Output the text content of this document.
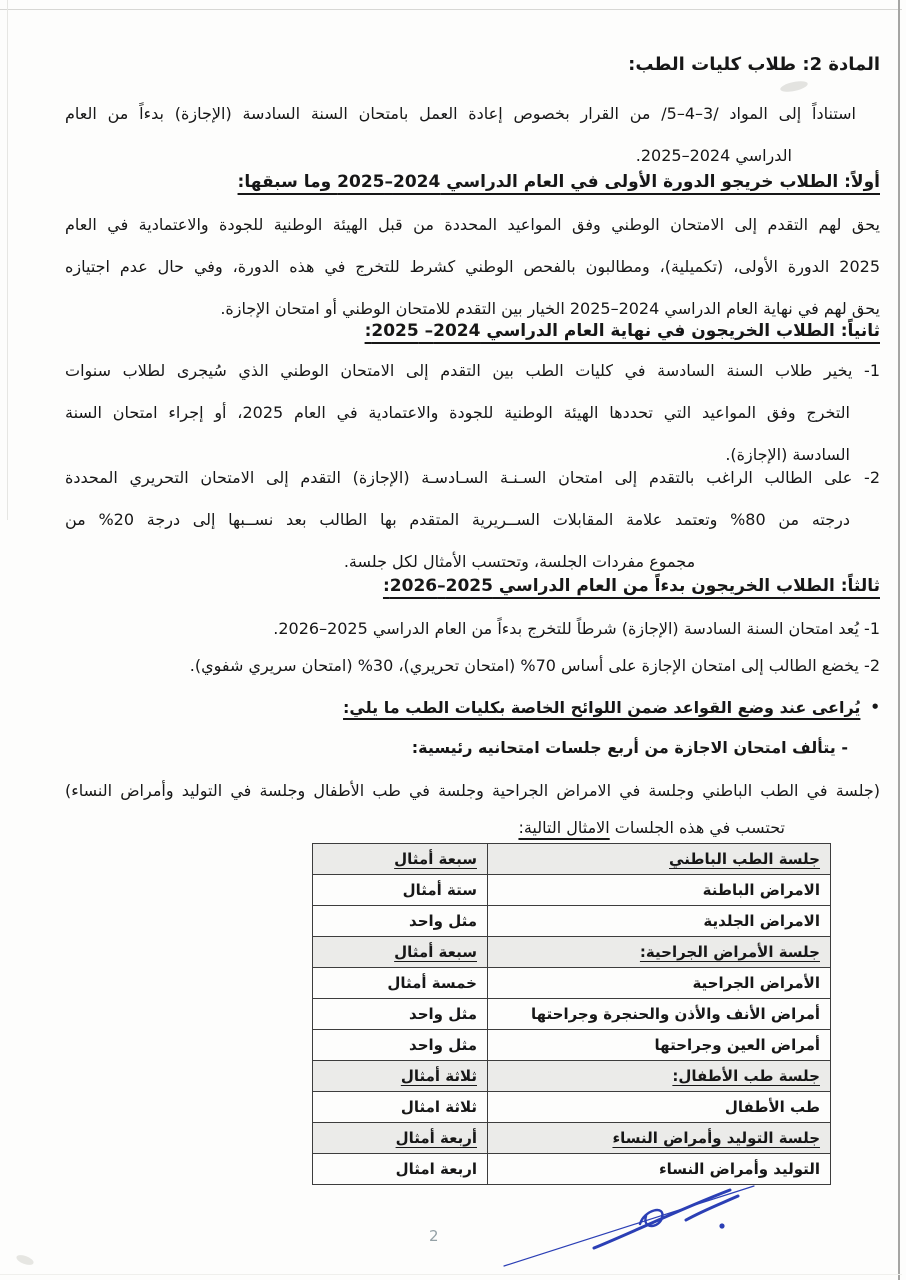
المادة 2: طلاب كليات الطب:
استناداً إلى المواد /3–4–5/ من القرار بخصوص إعادة العمل بامتحان السنة السادسة (الإجازة) بدءاً من العام
الدراسي 2024–2025.
أولاً: الطلاب خريجو الدورة الأولى في العام الدراسي 2024–2025 وما سبقها:
يحق لهم التقدم إلى الامتحان الوطني وفق المواعيد المحددة من قبل الهيئة الوطنية للجودة والاعتمادية في العام
2025 الدورة الأولى، (تكميلية)، ومطالبون بالفحص الوطني كشرط للتخرج في هذه الدورة، وفي حال عدم اجتيازه
يحق لهم في نهاية العام الدراسي 2024–2025 الخيار بين التقدم للامتحان الوطني أو امتحان الإجازة.
ثانياً: الطلاب الخريجون في نهاية العام الدراسي 2024– 2025:
1- يخير طلاب السنة السادسة في كليات الطب بين التقدم إلى الامتحان الوطني الذي سُيجرى لطلاب سنوات
التخرج وفق المواعيد التي تحددها الهيئة الوطنية للجودة والاعتمادية في العام 2025، أو إجراء امتحان السنة
السادسة (الإجازة).
2- على الطالب الراغب بالتقدم إلى امتحان السـنـة السـادسـة (الإجازة) التقدم إلى الامتحان التحريري المحددة
درجته من 80% وتعتمد علامة المقابلات الســريرية المتقدم بها الطالب بعد نســبها إلى درجة 20% من
مجموع مفردات الجلسة، وتحتسب الأمثال لكل جلسة.
ثالثاً: الطلاب الخريجون بدءاً من العام الدراسي 2025–2026:
1- يُعد امتحان السنة السادسة (الإجازة) شرطاً للتخرج بدءاً من العام الدراسي 2025–2026.
2- يخضع الطالب إلى امتحان الإجازة على أساس 70% (امتحان تحريري)، 30% (امتحان سريري شفوي).
•يُراعى عند وضع القواعد ضمن اللوائح الخاصة بكليات الطب ما يلي:
- يتألف امتحان الاجازة من أربع جلسات امتحانيه رئيسية:
(جلسة في الطب الباطني وجلسة في الامراض الجراحية وجلسة في طب الأطفال وجلسة في التوليد وأمراض النساء)
تحتسب في هذه الجلسات الامثال التالية:
جلسة الطب الباطني	سبعة أمثال
الامراض الباطنة	ستة أمثال
الامراض الجلدية	مثل واحد
جلسة الأمراض الجراحية:	سبعة أمثال
الأمراض الجراحية	خمسة أمثال
أمراض الأنف والأذن والحنجرة وجراحتها	مثل واحد
أمراض العين وجراحتها	مثل واحد
جلسة طب الأطفال:	ثلاثة أمثال
طب الأطفال	ثلاثة امثال
جلسة التوليد وأمراض النساء	أربعة أمثال
التوليد وأمراض النساء	اربعة امثال
2
